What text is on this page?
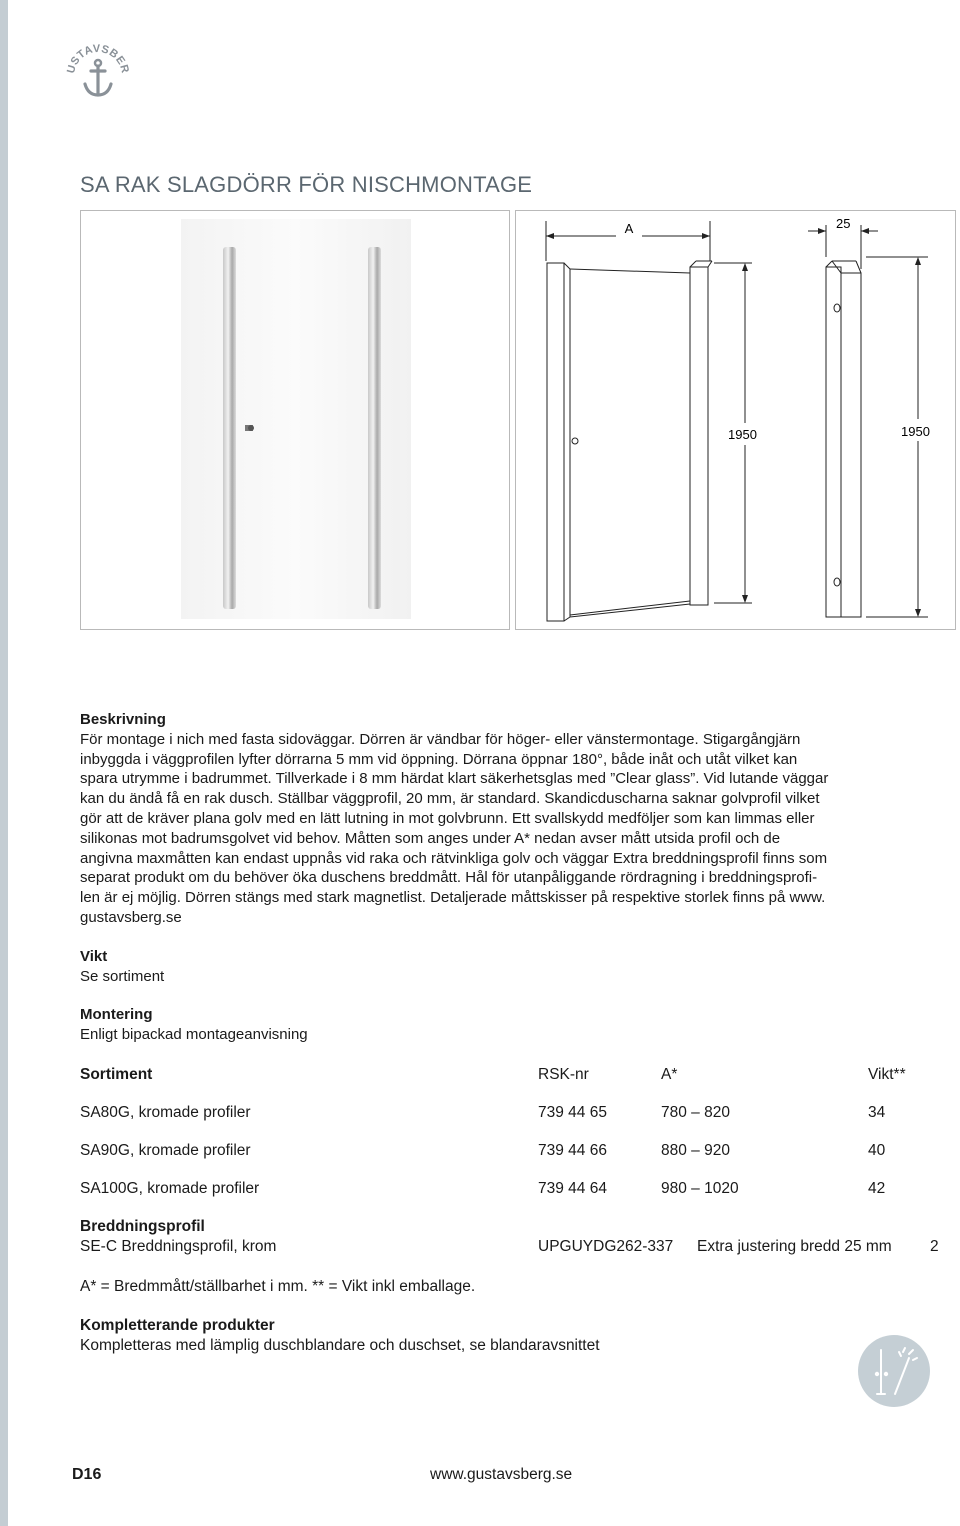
USTAVSBER
SA RAK SLAGDÖRR FÖR NISCHMONTAGE
A	25
1950	1950
Beskrivning

För montage i nich med fasta sidoväggar. Dörren är vändbar för höger- eller vänstermontage. Stigargångjärn

inbyggda i väggprofilen lyfter dörrarna 5 mm vid öppning. Dörrana öppnar 180°, både inåt och utåt vilket kan

spara utrymme i badrummet. Tillverkade i 8 mm härdat klart säkerhetsglas med ”Clear glass”. Vid lutande väggar

kan du ändå få en rak dusch. Ställbar väggprofil, 20 mm, är standard. Skandicduscharna saknar golvprofil vilket

gör att de kräver plana golv med en lätt lutning in mot golvbrunn. Ett svallskydd medföljer som kan limmas eller

silikonas mot badrumsgolvet vid behov. Måtten som anges under A* nedan avser mått utsida profil och de

angivna maxmåtten kan endast uppnås vid raka och rätvinkliga golv och väggar Extra breddningsprofil finns som

separat produkt om du behöver öka duschens breddmått. Hål för utanpåliggande rördragning i breddningsprofi-

len är ej möjlig. Dörren stängs med stark magnetlist. Detaljerade måttskisser på respektive storlek finns på www.

gustavsberg.se

Vikt

Se sortiment

Montering

Enligt bipackad montageanvisning

Sortiment	RSK-nr	A*	Vikt**
SA80G, kromade profiler	739 44 65	780 – 820	34
SA90G, kromade profiler	739 44 66	880 – 920	40
SA100G, kromade profiler	739 44 64	980 – 1020	42
Breddningsprofil
SE-C Breddningsprofil, krom	UPGUYDG262-337 Extra justering bredd 25 mm 2
A* = Bredmmått/ställbarhet i mm. ** = Vikt inkl emballage.
Kompletterande produkter
Kompletteras med lämplig duschblandare och duschset, se blandaravsnittet
D16	www.gustavsberg.se
